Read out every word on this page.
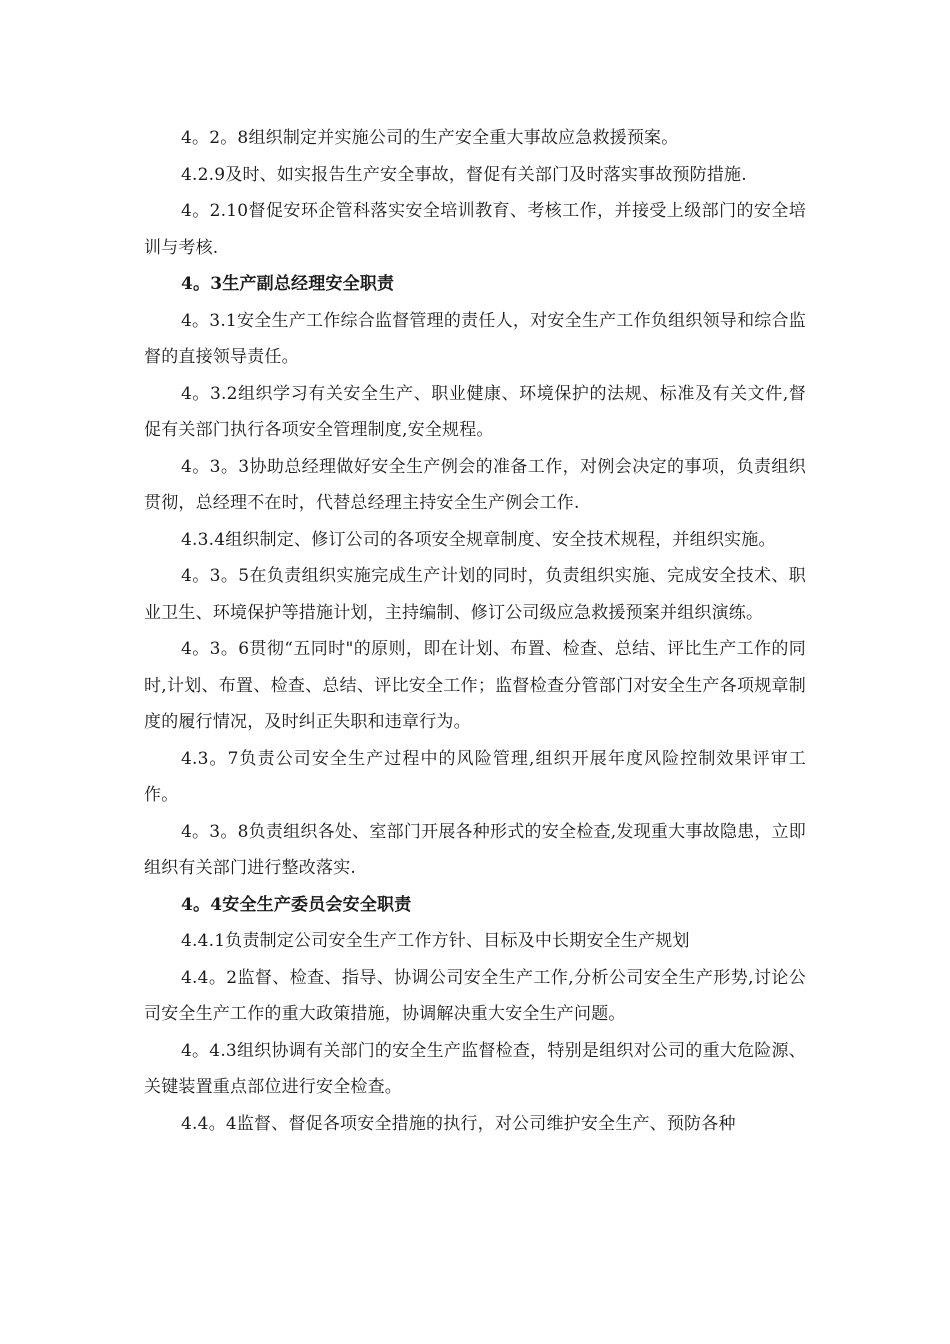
4。2。8组织制定并实施公司的生产安全重大事故应急救援预案。

4.2.9及时、如实报告生产安全事故，督促有关部门及时落实事故预防措施.

4。2.10督促安环企管科落实安全培训教育、考核工作，并接受上级部门的安全培训与考核.

4。3生产副总经理安全职责

4。3.1安全生产工作综合监督管理的责任人，对安全生产工作负组织领导和综合监督的直接领导责任。

4。3.2组织学习有关安全生产、职业健康、环境保护的法规、标准及有关文件,督促有关部门执行各项安全管理制度,安全规程。

4。3。3协助总经理做好安全生产例会的准备工作，对例会决定的事项，负责组织贯彻，总经理不在时，代替总经理主持安全生产例会工作.

4.3.4组织制定、修订公司的各项安全规章制度、安全技术规程，并组织实施。

4。3。5在负责组织实施完成生产计划的同时，负责组织实施、完成安全技术、职业卫生、环境保护等措施计划，主持编制、修订公司级应急救援预案并组织演练。

4。3。6贯彻“五同时"的原则，即在计划、布置、检查、总结、评比生产工作的同时,计划、布置、检查、总结、评比安全工作；监督检查分管部门对安全生产各项规章制度的履行情况，及时纠正失职和违章行为。

4.3。7负责公司安全生产过程中的风险管理,组织开展年度风险控制效果评审工作。

4。3。8负责组织各处、室部门开展各种形式的安全检查,发现重大事故隐患，立即组织有关部门进行整改落实.

4。4安全生产委员会安全职责

4.4.1负责制定公司安全生产工作方针、目标及中长期安全生产规划

4.4。2监督、检查、指导、协调公司安全生产工作,分析公司安全生产形势,讨论公司安全生产工作的重大政策措施，协调解决重大安全生产问题。

4。4.3组织协调有关部门的安全生产监督检查，特别是组织对公司的重大危险源、关键装置重点部位进行安全检查。

4.4。4监督、督促各项安全措施的执行，对公司维护安全生产、预防各种
